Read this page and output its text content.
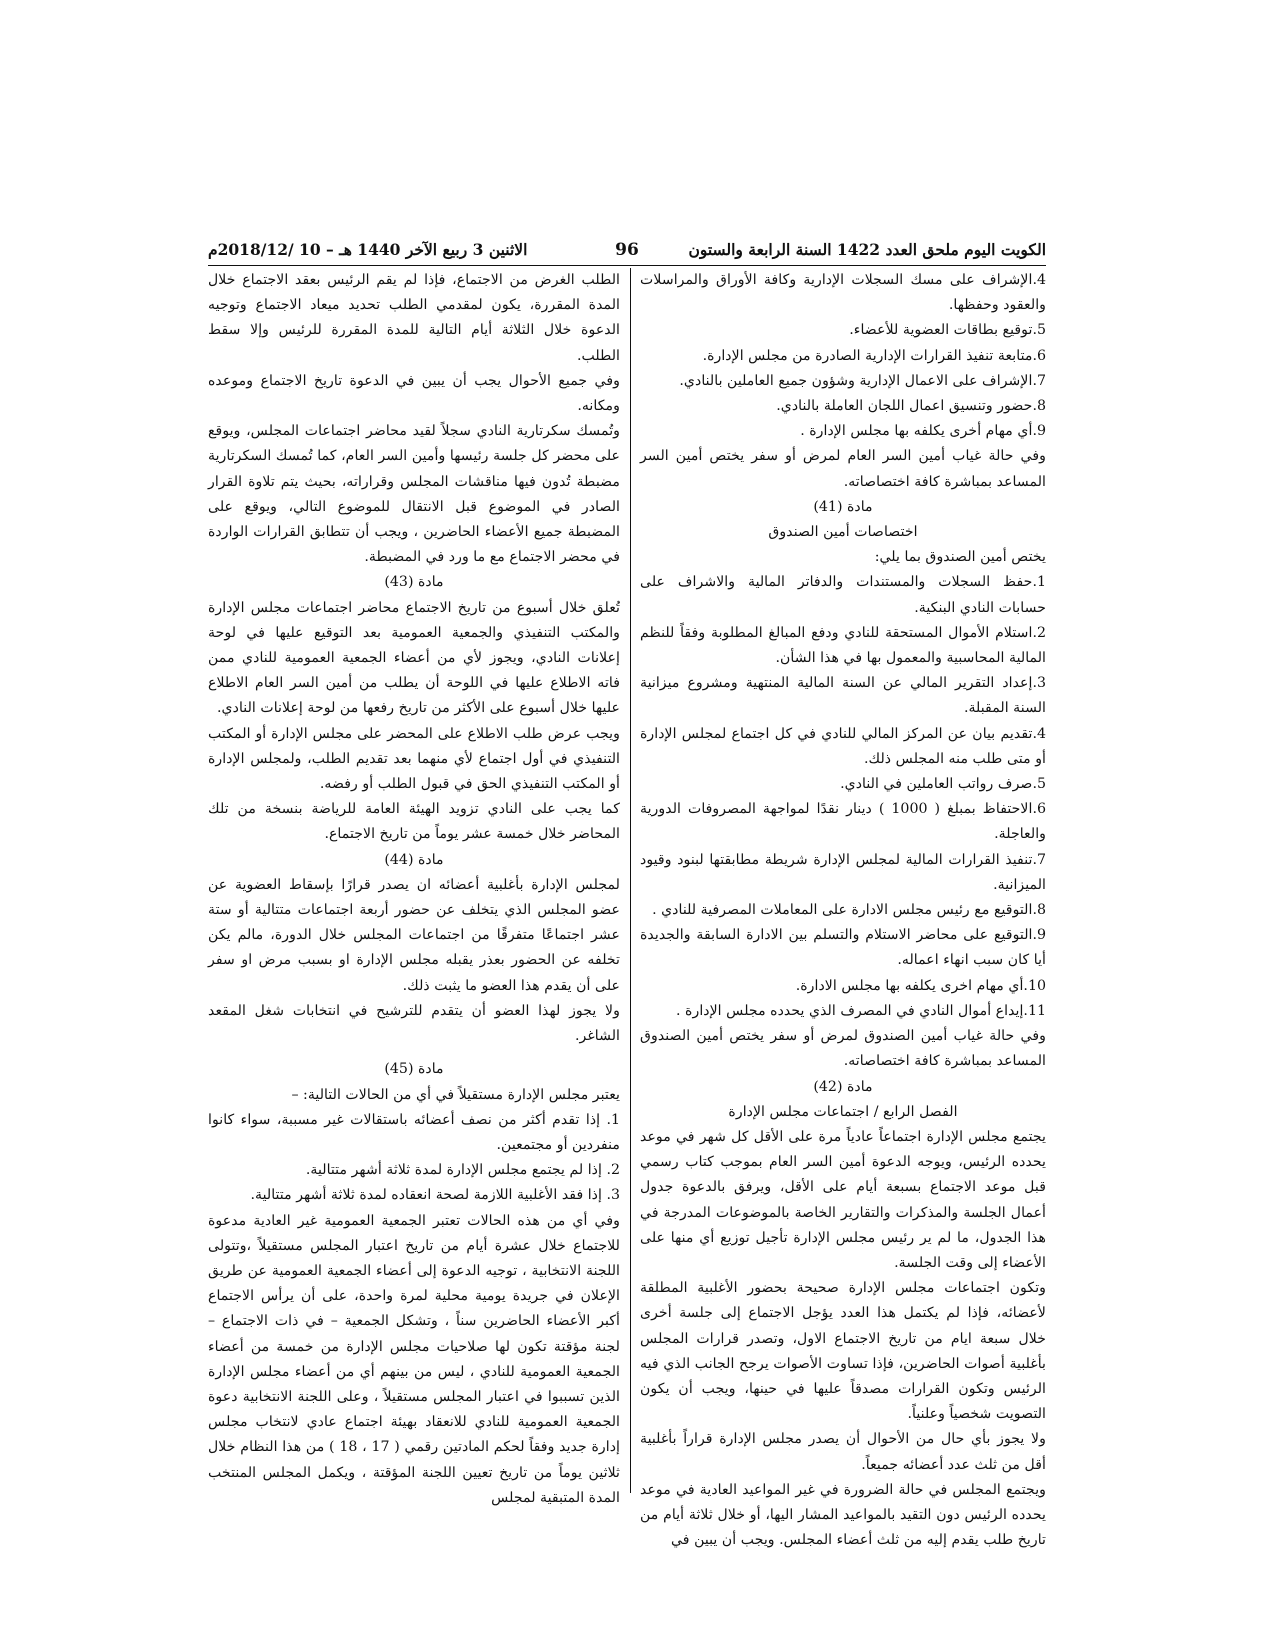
الكويت اليوم ملحق العدد 1422 السنة الرابعة والستون
96
الاثنين 3 ربيع الآخر 1440 هـ – 10 /2018/12م

4.الإشراف على مسك السجلات الإدارية وكافة الأوراق والمراسلات والعقود وحفظها.

5.توقيع بطاقات العضوية للأعضاء.

6.متابعة تنفيذ القرارات الإدارية الصادرة من مجلس الإدارة.

7.الإشراف على الاعمال الإدارية وشؤون جميع العاملين بالنادي.

8.حضور وتنسيق اعمال اللجان العاملة بالنادي.

9.أي مهام أخرى يكلفه بها مجلس الإدارة .

وفي حالة غياب أمين السر العام لمرض أو سفر يختص أمين السر المساعد بمباشرة كافة اختصاصاته.

مادة (41)

اختصاصات أمين الصندوق

يختص أمين الصندوق بما يلي:

1.حفظ السجلات والمستندات والدفاتر المالية والاشراف على حسابات النادي البنكية.

2.استلام الأموال المستحقة للنادي ودفع المبالغ المطلوبة وفقاً للنظم المالية المحاسبية والمعمول بها في هذا الشأن.

3.إعداد التقرير المالي عن السنة المالية المنتهية ومشروع ميزانية السنة المقبلة.

4.تقديم بيان عن المركز المالي للنادي في كل اجتماع لمجلس الإدارة أو متى طلب منه المجلس ذلك.

5.صرف رواتب العاملين في النادي.

6.الاحتفاظ بمبلغ ( 1000 ) دينار نقدًا لمواجهة المصروفات الدورية والعاجلة.

7.تنفيذ القرارات المالية لمجلس الإدارة شريطة مطابقتها لبنود وقيود الميزانية.

8.التوقيع مع رئيس مجلس الادارة على المعاملات المصرفية للنادي .

9.التوقيع على محاضر الاستلام والتسلم بين الادارة السابقة والجديدة أيا كان سبب انهاء اعماله.

10.أي مهام اخرى يكلفه بها مجلس الادارة.

11.إيداع أموال النادي في المصرف الذي يحدده مجلس الإدارة .

وفي حالة غياب أمين الصندوق لمرض أو سفر يختص أمين الصندوق المساعد بمباشرة كافة اختصاصاته.

مادة (42)

الفصل الرابع / اجتماعات مجلس الإدارة

يجتمع مجلس الإدارة اجتماعاً عادياً مرة على الأقل كل شهر في موعد يحدده الرئيس، ويوجه الدعوة أمين السر العام بموجب كتاب رسمي قبل موعد الاجتماع بسبعة أيام على الأقل، ويرفق بالدعوة جدول أعمال الجلسة والمذكرات والتقارير الخاصة بالموضوعات المدرجة في هذا الجدول، ما لم ير رئيس مجلس الإدارة تأجيل توزيع أي منها على الأعضاء إلى وقت الجلسة.

وتكون اجتماعات مجلس الإدارة صحيحة بحضور الأغلبية المطلقة لأعضائه، فإذا لم يكتمل هذا العدد يؤجل الاجتماع إلى جلسة أخرى خلال سبعة ايام من تاريخ الاجتماع الاول، وتصدر قرارات المجلس بأغلبية أصوات الحاضرين، فإذا تساوت الأصوات يرجح الجانب الذي فيه الرئيس وتكون القرارات مصدقاً عليها في حينها، ويجب أن يكون التصويت شخصياً وعلنياً.

ولا يجوز بأي حال من الأحوال أن يصدر مجلس الإدارة قراراً بأغلبية أقل من ثلث عدد أعضائه جميعاً.

ويجتمع المجلس في حالة الضرورة في غير المواعيد العادية في موعد يحدده الرئيس دون التقيد بالمواعيد المشار اليها، أو خلال ثلاثة أيام من تاريخ طلب يقدم إليه من ثلث أعضاء المجلس. ويجب أن يبين في

الطلب الغرض من الاجتماع، فإذا لم يقم الرئيس بعقد الاجتماع خلال المدة المقررة، يكون لمقدمي الطلب تحديد ميعاد الاجتماع وتوجيه الدعوة خلال الثلاثة أيام التالية للمدة المقررة للرئيس وإلا سقط الطلب.

وفي جميع الأحوال يجب أن يبين في الدعوة تاريخ الاجتماع وموعده ومكانه.

وتُمسك سكرتارية النادي سجلاً لقيد محاضر اجتماعات المجلس، ويوقع على محضر كل جلسة رئيسها وأمين السر العام، كما تُمسك السكرتارية مضبطة تُدون فيها مناقشات المجلس وقراراته، بحيث يتم تلاوة القرار الصادر في الموضوع قبل الانتقال للموضوع التالي، ويوقع على المضبطة جميع الأعضاء الحاضرين ، ويجب أن تتطابق القرارات الواردة في محضر الاجتماع مع ما ورد في المضبطة.

مادة (43)

تُعلق خلال أسبوع من تاريخ الاجتماع محاضر اجتماعات مجلس الإدارة والمكتب التنفيذي والجمعية العمومية بعد التوقيع عليها في لوحة إعلانات النادي، ويجوز لأي من أعضاء الجمعية العمومية للنادي ممن فاته الاطلاع عليها في اللوحة أن يطلب من أمين السر العام الاطلاع عليها خلال أسبوع على الأكثر من تاريخ رفعها من لوحة إعلانات النادي.

ويجب عرض طلب الاطلاع على المحضر على مجلس الإدارة أو المكتب التنفيذي في أول اجتماع لأي منهما بعد تقديم الطلب، ولمجلس الإدارة أو المكتب التنفيذي الحق في قبول الطلب أو رفضه.

كما يجب على النادي تزويد الهيئة العامة للرياضة بنسخة من تلك المحاضر خلال خمسة عشر يوماً من تاريخ الاجتماع.

مادة (44)

لمجلس الإدارة بأغلبية أعضائه ان يصدر قرارًا بإسقاط العضوية عن عضو المجلس الذي يتخلف عن حضور أربعة اجتماعات متتالية أو ستة عشر اجتماعًا متفرقًا من اجتماعات المجلس خلال الدورة، مالم يكن تخلفه عن الحضور بعذر يقبله مجلس الإدارة او بسبب مرض او سفر على أن يقدم هذا العضو ما يثبت ذلك.

ولا يجوز لهذا العضو أن يتقدم للترشيح في انتخابات شغل المقعد الشاغر.

مادة (45)

يعتبر مجلس الإدارة مستقيلاً في أي من الحالات التالية: –

1. إذا تقدم أكثر من نصف أعضائه باستقالات غير مسببة، سواء كانوا منفردين أو مجتمعين.

2. إذا لم يجتمع مجلس الإدارة لمدة ثلاثة أشهر متتالية.

3. إذا فقد الأغلبية اللازمة لصحة انعقاده لمدة ثلاثة أشهر متتالية.

وفي أي من هذه الحالات تعتبر الجمعية العمومية غير العادية مدعوة للاجتماع خلال عشرة أيام من تاريخ اعتبار المجلس مستقيلاً ،وتتولى اللجنة الانتخابية ، توجيه الدعوة إلى أعضاء الجمعية العمومية عن طريق الإعلان في جريدة يومية محلية لمرة واحدة، على أن يرأس الاجتماع أكبر الأعضاء الحاضرين سناً ، وتشكل الجمعية – في ذات الاجتماع – لجنة مؤقتة تكون لها صلاحيات مجلس الإدارة من خمسة من أعضاء الجمعية العمومية للنادي ، ليس من بينهم أي من أعضاء مجلس الإدارة الذين تسببوا في اعتبار المجلس مستقيلاً ، وعلى اللجنة الانتخابية دعوة الجمعية العمومية للنادي للانعقاد بهيئة اجتماع عادي لانتخاب مجلس إدارة جديد وفقاً لحكم المادتين رقمي ( 17 ، 18 ) من هذا النظام خلال ثلاثين يوماً من تاريخ تعيين اللجنة المؤقتة ، ويكمل المجلس المنتخب المدة المتبقية لمجلس
